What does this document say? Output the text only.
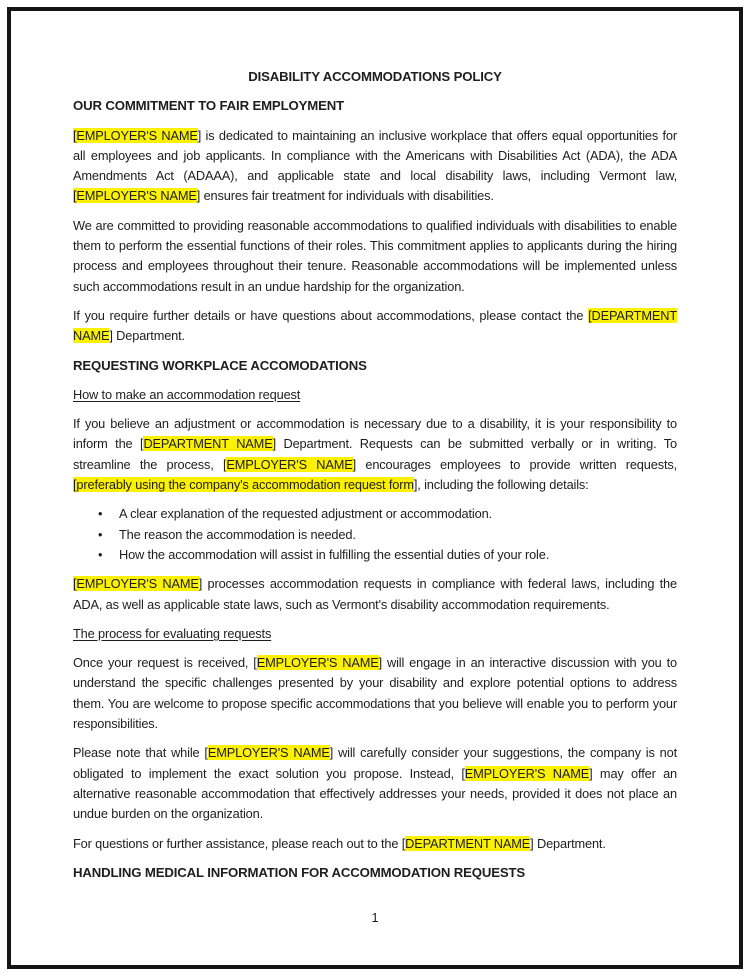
DISABILITY ACCOMMODATIONS POLICY

OUR COMMITMENT TO FAIR EMPLOYMENT

[EMPLOYER'S NAME] is dedicated to maintaining an inclusive workplace that offers equal opportunities for all employees and job applicants. In compliance with the Americans with Disabilities Act (ADA), the ADA Amendments Act (ADAAA), and applicable state and local disability laws, including Vermont law, [EMPLOYER'S NAME] ensures fair treatment for individuals with disabilities.

We are committed to providing reasonable accommodations to qualified individuals with disabilities to enable them to perform the essential functions of their roles. This commitment applies to applicants during the hiring process and employees throughout their tenure. Reasonable accommodations will be implemented unless such accommodations result in an undue hardship for the organization.

If you require further details or have questions about accommodations, please contact the [DEPARTMENT NAME] Department.

REQUESTING WORKPLACE ACCOMODATIONS

How to make an accommodation request

If you believe an adjustment or accommodation is necessary due to a disability, it is your responsibility to inform the [DEPARTMENT NAME] Department. Requests can be submitted verbally or in writing. To streamline the process, [EMPLOYER'S NAME] encourages employees to provide written requests, [preferably using the company's accommodation request form], including the following details:

• A clear explanation of the requested adjustment or accommodation.
• The reason the accommodation is needed.
• How the accommodation will assist in fulfilling the essential duties of your role.

[EMPLOYER'S NAME] processes accommodation requests in compliance with federal laws, including the ADA, as well as applicable state laws, such as Vermont's disability accommodation requirements.

The process for evaluating requests

Once your request is received, [EMPLOYER'S NAME] will engage in an interactive discussion with you to understand the specific challenges presented by your disability and explore potential options to address them. You are welcome to propose specific accommodations that you believe will enable you to perform your responsibilities.

Please note that while [EMPLOYER'S NAME] will carefully consider your suggestions, the company is not obligated to implement the exact solution you propose. Instead, [EMPLOYER'S NAME] may offer an alternative reasonable accommodation that effectively addresses your needs, provided it does not place an undue burden on the organization.

For questions or further assistance, please reach out to the [DEPARTMENT NAME] Department.

HANDLING MEDICAL INFORMATION FOR ACCOMMODATION REQUESTS

1
